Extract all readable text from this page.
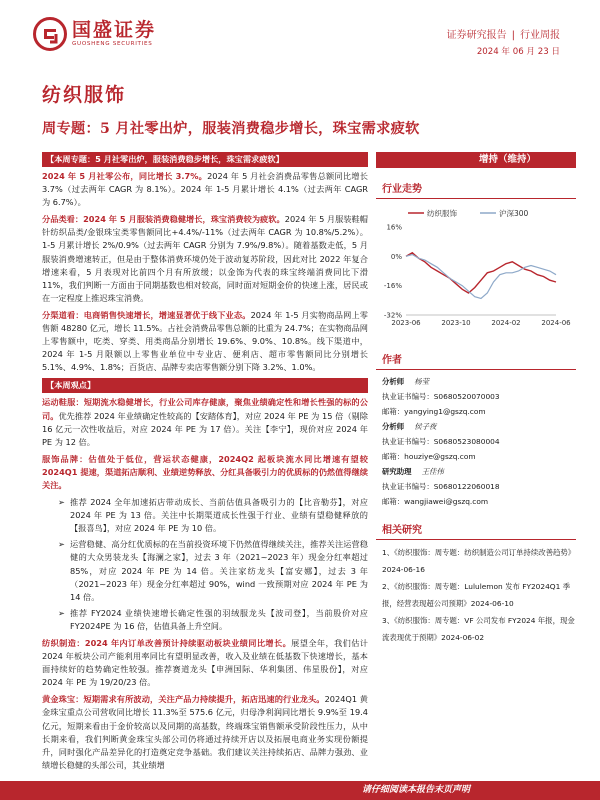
国盛证券
GUOSHENG SECURITIES
证券研究报告 | 行业周报
2024 年 06 月 23 日
纺织服饰
周专题：5 月社零出炉，服装消费稳步增长，珠宝需求疲软
增持（维持）
【本周专题：5 月社零出炉，服装消费稳步增长，珠宝需求疲软】

2024 年 5 月社零公布，同比增长 3.7%。2024 年 5 月社会消费品零售总额同比增长 3.7%（过去两年 CAGR 为 8.1%）。2024 年 1-5 月累计增长 4.1%（过去两年 CAGR 为 6.7%）。

分品类看：2024 年 5 月服装消费稳健增长，珠宝消费较为疲软。2024 年 5 月服装鞋帽针纺织品类/金银珠宝类零售额同比+4.4%/-11%（过去两年 CAGR 为 10.8%/5.2%）。1-5 月累计增长 2%/0.9%（过去两年 CAGR 分别为 7.9%/9.8%）。随着基数走低，5 月服装消费增速转正，但是由于整体消费环境仍处于波动复苏阶段，因此对比 2022 年复合增速来看，5 月表现对比前四个月有所放缓；以金饰为代表的珠宝终端消费同比下滑 11%，我们判断一方面由于同期基数也相对较高，同时面对短期金价的快速上涨，居民或在一定程度上推迟珠宝消费。

分渠道看：电商销售快速增长，增速显著优于线下业态。2024 年 1-5 月实物商品网上零售额 48280 亿元，增长 11.5%。占社会消费品零售总额的比重为 24.7%；在实物商品网上零售额中，吃类、穿类、用类商品分别增长 19.6%、9.0%、10.8%。线下渠道中，2024 年 1-5 月限额以上零售业单位中专业店、便利店、超市零售额同比分别增长 5.1%、4.9%、1.8%；百货店、品牌专卖店零售额分别下降 3.2%、1.0%。

【本周观点】

运动鞋服：短期流水稳健增长，行业公司库存健康，聚焦业绩确定性和增长性强的标的公司。优先推荐 2024 年业绩确定性较高的【安踏体育】，对应 2024 年 PE 为 15 倍（剔除 16 亿元一次性收益后，对应 2024 年 PE 为 17 倍）。关注【李宁】，现价对应 2024 年 PE 为 12 倍。

服饰品牌：估值处于低位，营运状态健康，2024Q2 起板块流水同比增速有望较 2024Q1 提速，渠道拓店顺利、业绩逆势释放、分红具备吸引力的优质标的仍然值得继续关注。

➢ 推荐 2024 全年加速拓店带动成长、当前估值具备吸引力的【比音勒芬】，对应 2024 年 PE 为 13 倍。关注中长期渠道成长性强于行业、业绩有望稳健释放的【报喜鸟】，对应 2024 年 PE 为 10 倍。
➢ 运营稳健、高分红优质标的在当前投资环境下仍然值得继续关注，推荐关注运营稳健的大众男装龙头【海澜之家】，过去 3 年（2021~2023 年）现金分红率超过 85%，对应 2024 年 PE 为 14 倍。关注家纺龙头【富安娜】，过去 3 年（2021~2023 年）现金分红率超过 90%，wind 一致预期对应 2024 年 PE 为 14 倍。
➢ 推荐 FY2024 业绩快速增长确定性强的羽绒服龙头【波司登】，当前股价对应 FY2024PE 为 16 倍，估值具备上升空间。

纺织制造：2024 年内订单改善预计持续驱动板块业绩同比增长。展望全年，我们估计 2024 年板块公司产能利用率同比有望明显改善，收入及业绩在低基数下快速增长，基本面持续好的趋势确定性较强。推荐赛道龙头【申洲国际、华利集团、伟星股份】，对应 2024 年 PE 为 19/20/23 倍。

黄金珠宝：短期需求有所波动，关注产品力持续提升，拓店迅速的行业龙头。2024Q1 黄金珠宝重点公司营收同比增长 11.3%至 575.6 亿元，归母净利润同比增长 9.9%至 19.4 亿元，短期来看由于金价较高以及同期的高基数，终端珠宝销售额承受阶段性压力，从中长期来看，我们判断黄金珠宝头部公司仍将通过持续开店以及拓展电商业务实现份额提升，同时强化产品差异化的打造奠定竞争基础。我们建议关注持续拓店、品牌力强劲、业绩增长稳健的头部公司，其业绩增

行业走势
纺织服饰	沪深300
16%
0%
-16%
-32%
2023-06	2023-10	2024-02	2024-06
作者
分析师 杨莹
执业证书编号：S0680520070003
邮箱：yangying1@gszq.com
分析师 侯子夜
执业证书编号：S0680523080004
邮箱：houziye@gszq.com
研究助理 王佳伟
执业证书编号：S0680122060018
邮箱：wangjiawei@gszq.com
相关研究
1、《纺织服饰：周专题：纺织制造公司订单持续改善趋势》2024-06-16
2、《纺织服饰：周专题：Lululemon 发布 FY2024Q1 季报，经营表现超公司预期》2024-06-10
3、《纺织服饰：周专题：VF 公司发布 FY2024 年报，现金流表现优于预期》2024-06-02
请仔细阅读本报告末页声明
